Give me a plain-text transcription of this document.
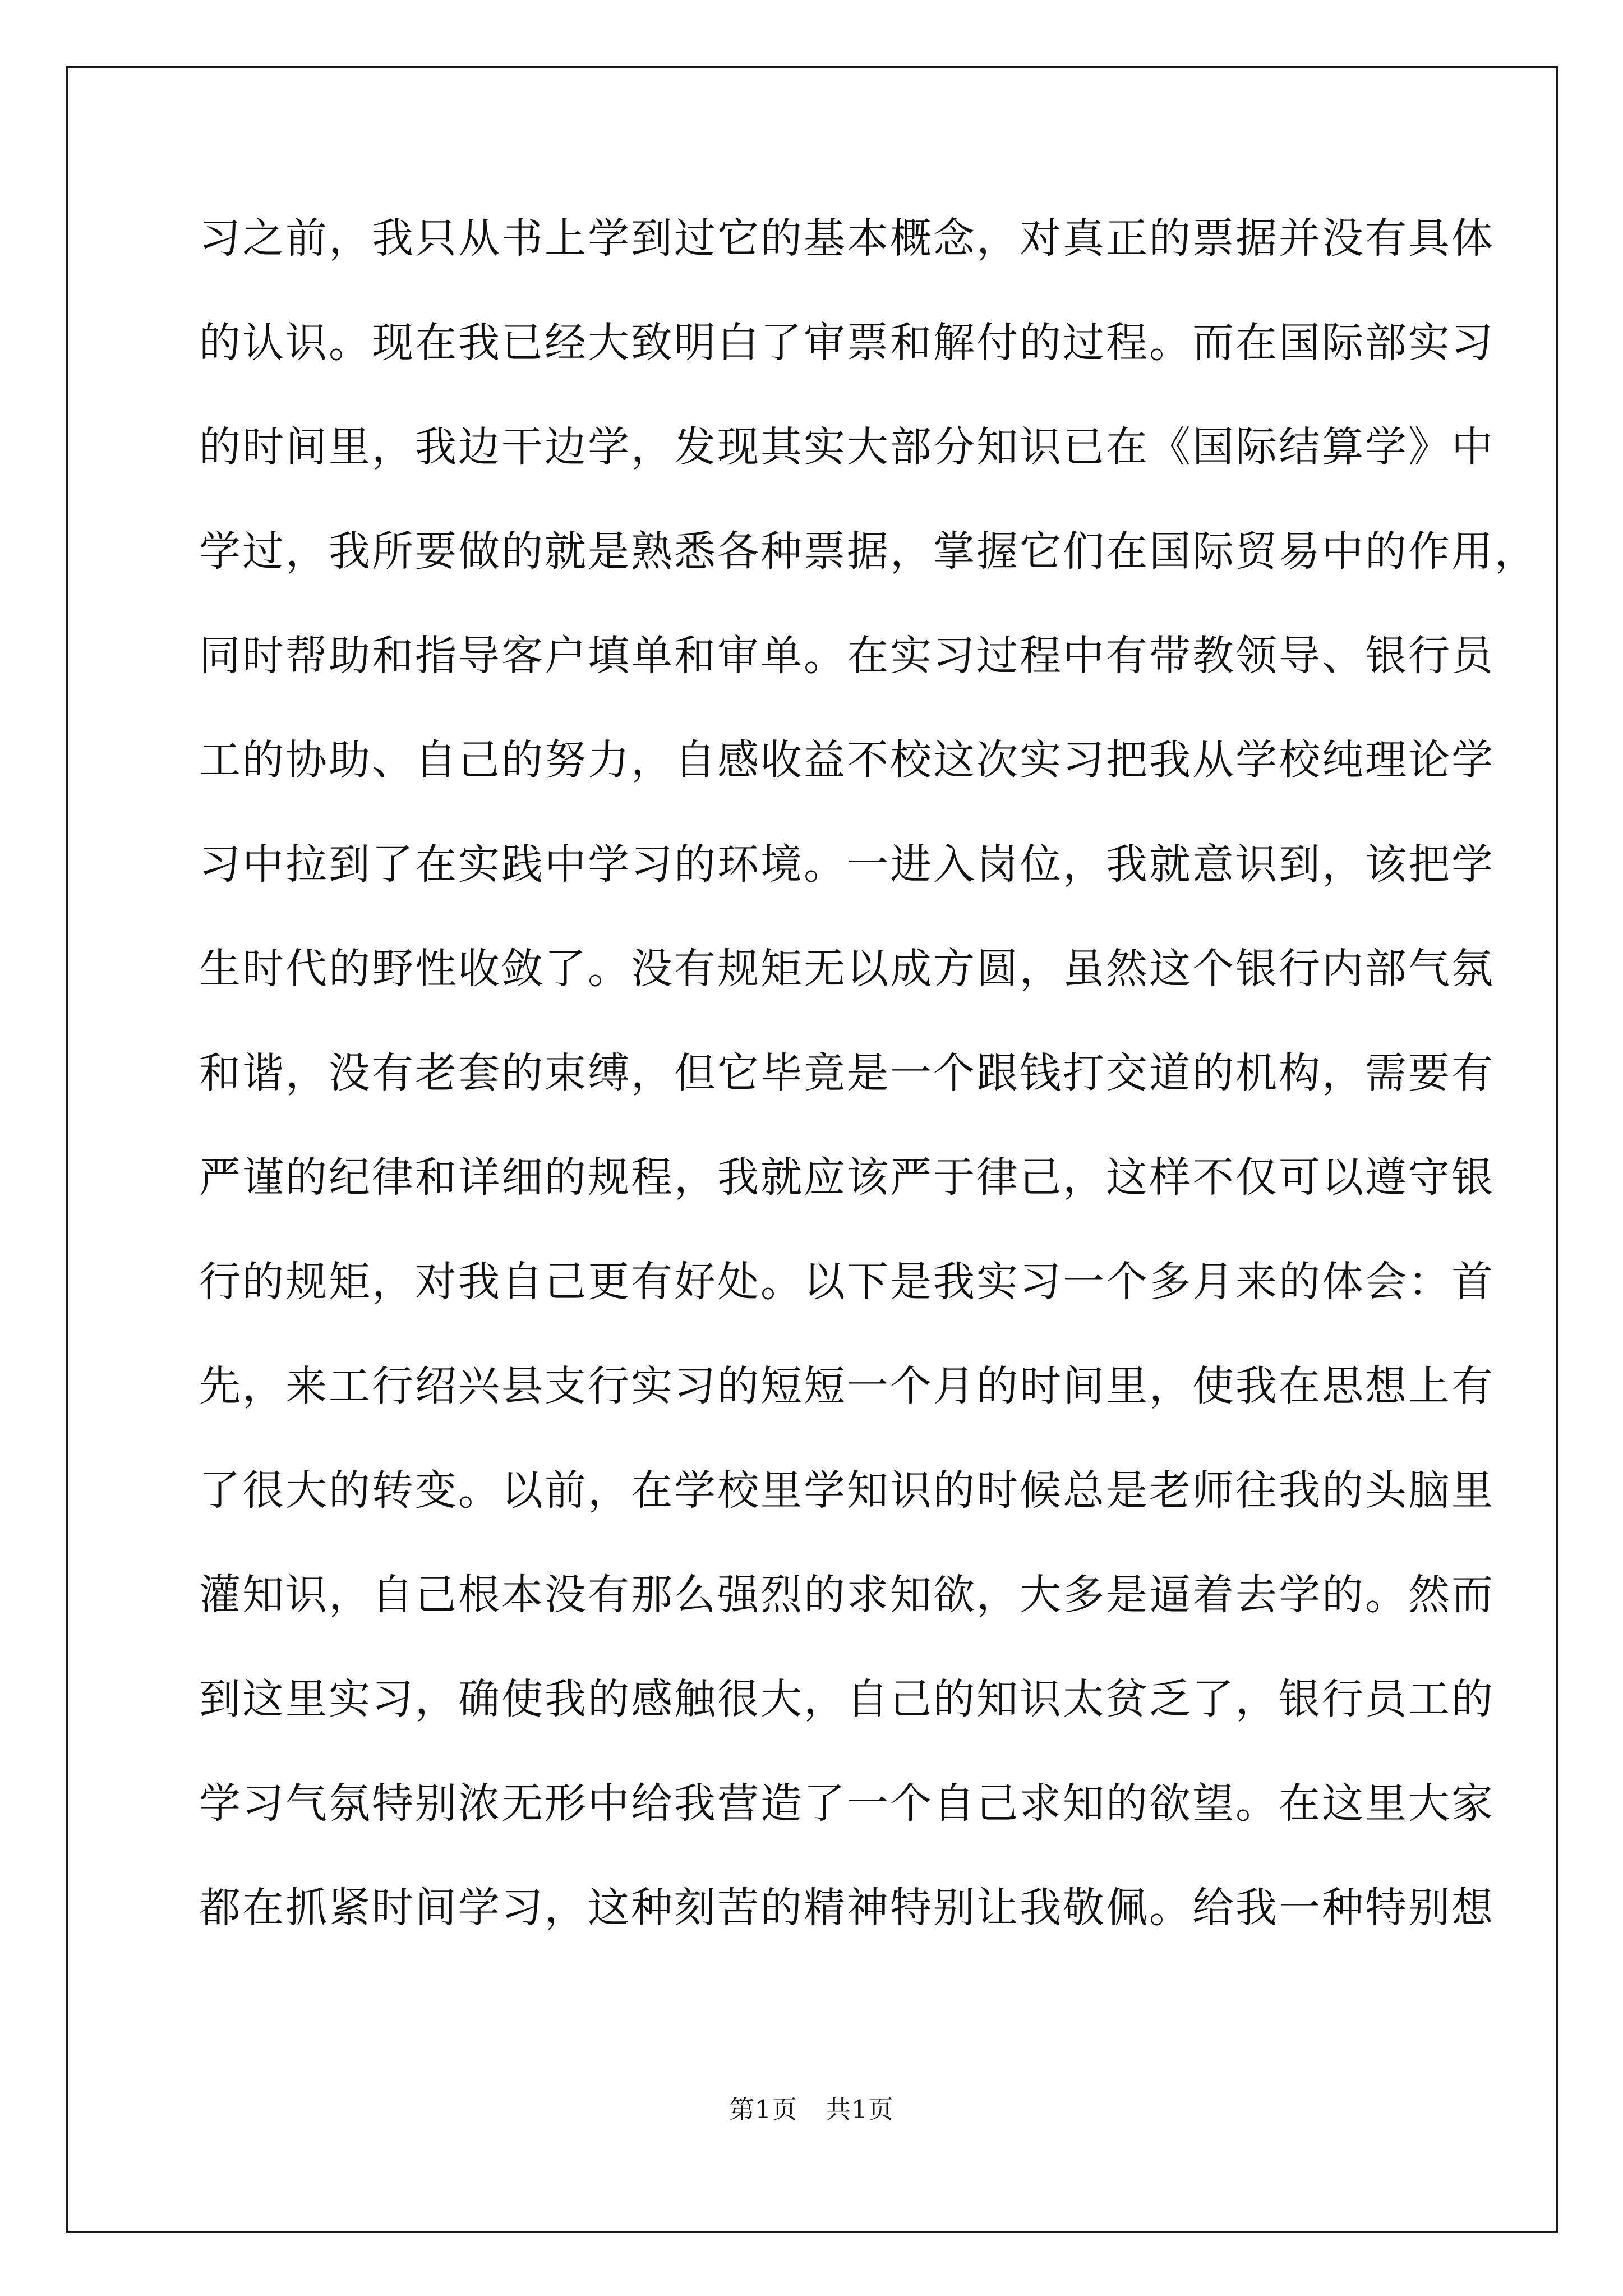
习之前，我只从书上学到过它的基本概念，对真正的票据并没有具体
的认识。现在我已经大致明白了审票和解付的过程。而在国际部实习
的时间里，我边干边学，发现其实大部分知识已在《国际结算学》中
学过，我所要做的就是熟悉各种票据，掌握它们在国际贸易中的作用，
同时帮助和指导客户填单和审单。在实习过程中有带教领导、银行员
工的协助、自己的努力，自感收益不校这次实习把我从学校纯理论学
习中拉到了在实践中学习的环境。一进入岗位，我就意识到，该把学
生时代的野性收敛了。没有规矩无以成方圆，虽然这个银行内部气氛
和谐，没有老套的束缚，但它毕竟是一个跟钱打交道的机构，需要有
严谨的纪律和详细的规程，我就应该严于律己，这样不仅可以遵守银
行的规矩，对我自己更有好处。以下是我实习一个多月来的体会：首
先，来工行绍兴县支行实习的短短一个月的时间里，使我在思想上有
了很大的转变。以前，在学校里学知识的时候总是老师往我的头脑里
灌知识，自己根本没有那么强烈的求知欲，大多是逼着去学的。然而
到这里实习，确使我的感触很大，自己的知识太贫乏了，银行员工的
学习气氛特别浓无形中给我营造了一个自己求知的欲望。在这里大家
都在抓紧时间学习，这种刻苦的精神特别让我敬佩。给我一种特别想
第1页 共1页
